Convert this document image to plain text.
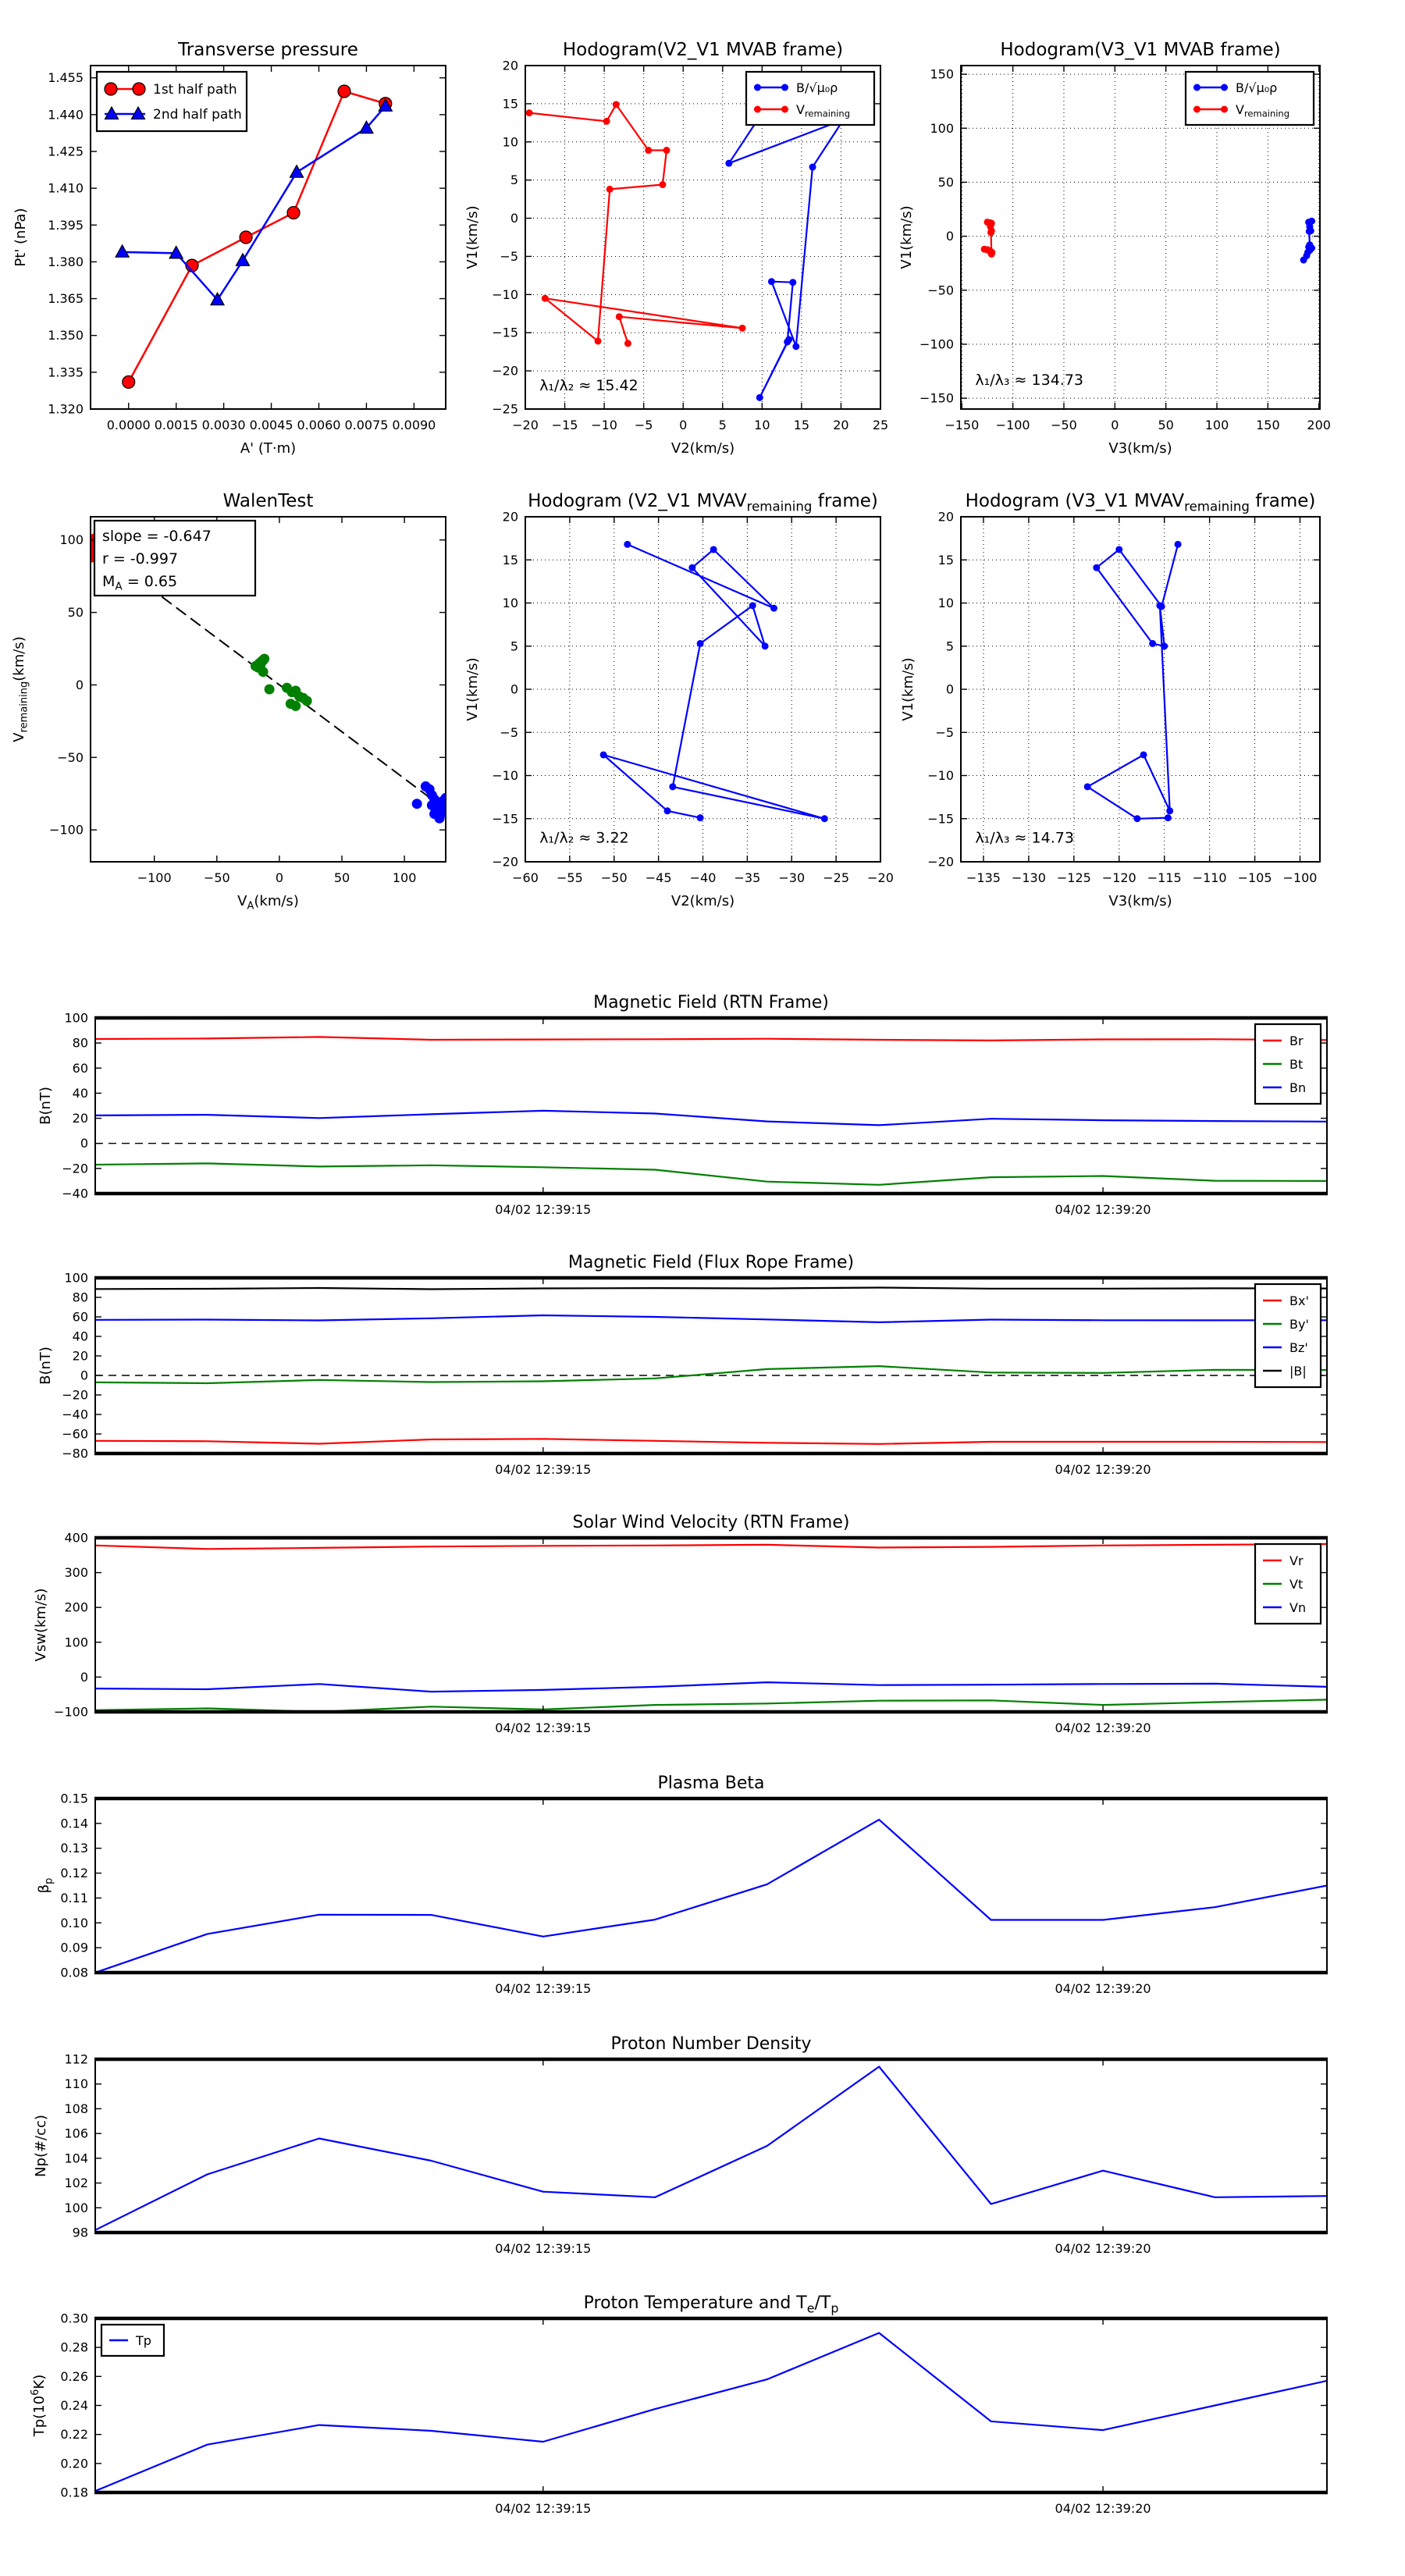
0.0000 0.0015 0.0030 0.0045 0.0060 0.0075 0.0090
1.320
1.335
1.350
1.365
1.380
1.395
1.410
1.425
1.440
1.455
Transverse pressure
A' (T·m)
Pt' (nPa)
1st half path
2nd half path
−20 −15 −10 −5 0	5 10 15 20 25
−25
−20
−15
−10
−5
0
5
10
15
20
Hodogram(V2_V1 MVAB frame)
V2(km/s)
V1(km/s)
λ₁/λ₂ ≈ 15.42
B/√μ₀ρ
$V_{remaining}$
−150 −100 −50	0	50 100 150 200
−150
−100
−50
0
50
100
150
Hodogram(V3_V1 MVAB frame)
V3(km/s)
V1(km/s)
λ₁/λ₃ ≈ 134.73
B/√μ₀ρ
$V_{remaining}$
−100	−50	0	50	100
−100
−50
0
50
100
WalenTest
$V_A(km/s)$
$V_{remaining}(km/s)$
slope = -0.647
r = -0.997
$M_A = 0.65$
−60 −55 −50 −45 −40 −35 −30 −25 −20
−20
−15
−10
−5
0
5
10
15
20
Hodogram (V2_V1 $MVAV_{remaining}$ frame)
V2(km/s)
V1(km/s)
λ₁/λ₂ ≈ 3.22
−135 −130 −125 −120 −115 −110 −105 −100
−20
−15
−10
−5
0
5
10
15
20
Hodogram (V3_V1 $MVAV_{remaining}$ frame)
V3(km/s)
V1(km/s)
λ₁/λ₃ ≈ 14.73
04/02 12:39:15	04/02 12:39:20
−40
−20
0
20
40
60
80
100
Magnetic Field (RTN Frame)
B(nT)
Br
Bt
Bn
04/02 12:39:15	04/02 12:39:20
−80
−60
−40
−20
0
20
40
60
80
100
Magnetic Field (Flux Rope Frame)
B(nT)
Bx'
By'
Bz'
|B|
04/02 12:39:15	04/02 12:39:20
−100
0
100
200
300
400
Solar Wind Velocity (RTN Frame)
Vsw(km/s)
Vr
Vt
Vn
04/02 12:39:15	04/02 12:39:20
0.08
0.09
0.10
0.11
0.12
0.13
0.14
0.15
Plasma Beta
$\beta_p$
04/02 12:39:15	04/02 12:39:20
98
100
102
104
106
108
110
112
Proton Number Density
Np(#/cc)
04/02 12:39:15	04/02 12:39:20
0.18
0.20
0.22
0.24
0.26
0.28
0.30
Proton Temperature and $T_e/T_p$
$Tp(10^6K)$
Tp
